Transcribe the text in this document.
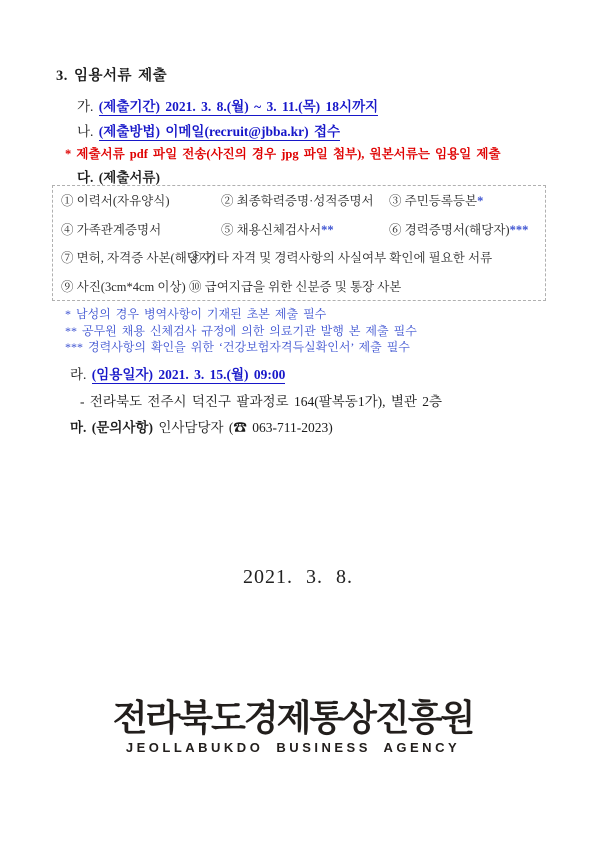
3. 임용서류 제출
가. (제출기간) 2021. 3. 8.(월) ~ 3. 11.(목) 18시까지
나. (제출방법) 이메일(recruit@jbba.kr) 접수
* 제출서류 pdf 파일 전송(사진의 경우 jpg 파일 첨부), 원본서류는 임용일 제출
다. (제출서류)
① 이력서(자유양식)	② 최종학력증명·성적증명서 ③ 주민등록등본*
④ 가족관계증명서	⑤ 채용신체검사서**	⑥ 경력증명서(해당자)***
⑦ 면허, 자격증 사본(해당자)
⑧ 기타 자격 및 경력사항의 사실여부 확인에 필요한 서류
⑨ 사진(3cm*4cm 이상) ⑩ 급여지급을 위한 신분증 및 통장 사본
* 남성의 경우 병역사항이 기재된 초본 제출 필수
** 공무원 채용 신체검사 규정에 의한 의료기관 발행 본 제출 필수
*** 경력사항의 확인을 위한 ‘건강보험자격득실확인서’ 제출 필수
라. (임용일자) 2021. 3. 15.(월) 09:00
- 전라북도 전주시 덕진구 팔과정로 164(팔복동1가), 별관 2층
마. (문의사항) 인사담당자 (☎ 063-711-2023)
2021. 3. 8.
전라북도경제통상진흥원
JEOLLABUKDO BUSINESS AGENCY
